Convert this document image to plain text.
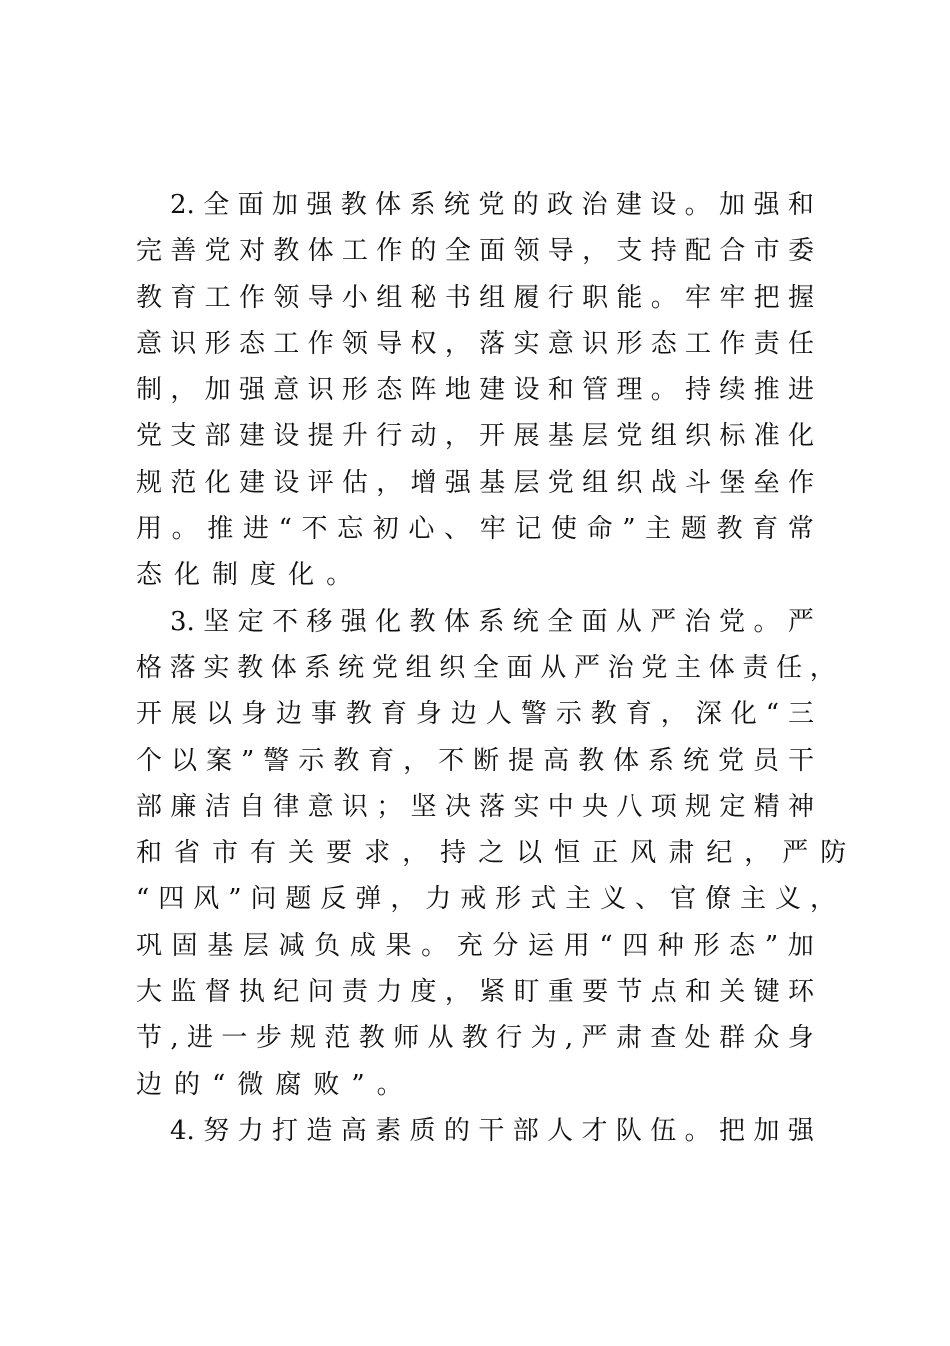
2. 全 面 加 强 教 体 系 统 党 的 政 治 建 设 。 加 强 和
完 善 党 对 教 体 工 作 的 全 面 领 导 ， 支 持 配 合 市 委
教 育 工 作 领 导 小 组 秘 书 组 履 行 职 能 。 牢 牢 把 握
意 识 形 态 工 作 领 导 权 ， 落 实 意 识 形 态 工 作 责 任
制 ， 加 强 意 识 形 态 阵 地 建 设 和 管 理 。 持 续 推 进
党 支 部 建 设 提 升 行 动 ， 开 展 基 层 党 组 织 标 准 化
规 范 化 建 设 评 估 ， 增 强 基 层 党 组 织 战 斗 堡 垒 作
用 。 推 进 “ 不 忘 初 心 、 牢 记 使 命 ” 主 题 教 育 常
态 化 制 度 化 。
3. 坚 定 不 移 强 化 教 体 系 统 全 面 从 严 治 党 。 严
格 落 实 教 体 系 统 党 组 织 全 面 从 严 治 党 主 体 责 任 ，
开 展 以 身 边 事 教 育 身 边 人 警 示 教 育 ， 深 化 “ 三
个 以 案 ” 警 示 教 育 ， 不 断 提 高 教 体 系 统 党 员 干
部 廉 洁 自 律 意 识 ； 坚 决 落 实 中 央 八 项 规 定 精 神
和 省 市 有 关 要 求 ， 持 之 以 恒 正 风 肃 纪 ， 严 防
“ 四 风 ” 问 题 反 弹 ， 力 戒 形 式 主 义 、 官 僚 主 义 ，
巩 固 基 层 减 负 成 果 。 充 分 运 用 “ 四 种 形 态 ” 加
大 监 督 执 纪 问 责 力 度 ， 紧 盯 重 要 节 点 和 关 键 环
节 , 进 一 步 规 范 教 师 从 教 行 为 , 严 肃 查 处 群 众 身
边 的 “ 微 腐 败 ” 。
4. 努 力 打 造 高 素 质 的 干 部 人 才 队 伍 。 把 加 强
